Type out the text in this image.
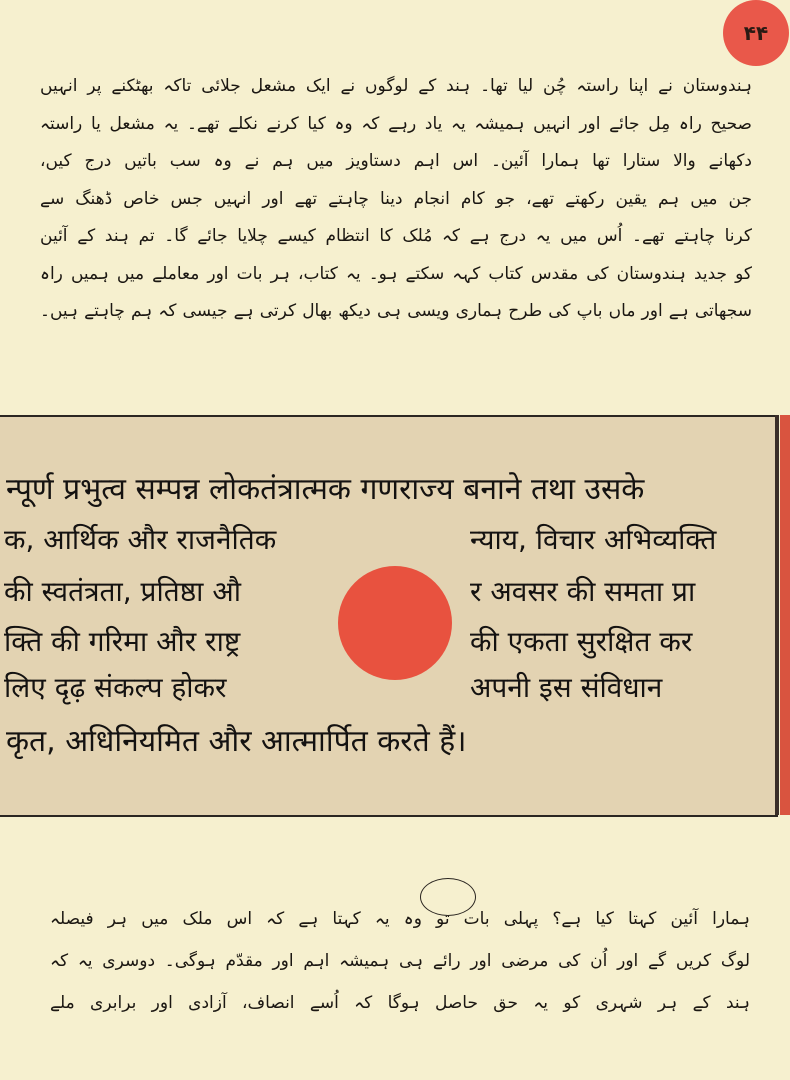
۴۴
ہندوستان نے اپنا راستہ چُن لیا تھا۔ ہند کے لوگوں نے ایک مشعل جلائی تاکہ بھٹکنے پر انہیں
صحیح راہ مِل جائے اور انہیں ہمیشہ یہ یاد رہے کہ وہ کیا کرنے نکلے تھے۔ یہ مشعل یا راستہ
دکھانے والا ستارا تھا ہمارا آئین۔ اس اہم دستاویز میں ہم نے وہ سب باتیں درج کیں،
جن میں ہم یقین رکھتے تھے، جو کام انجام دینا چاہتے تھے اور انہیں جس خاص ڈھنگ سے
کرنا چاہتے تھے۔ اُس میں یہ درج ہے کہ مُلک کا انتظام کیسے چلایا جائے گا۔ تم ہند کے آئین
کو جدید ہندوستان کی مقدس کتاب کہہ سکتے ہو۔ یہ کتاب، ہر بات اور معاملے میں ہمیں راہ
سجھاتی ہے اور ماں باپ کی طرح ہماری ویسی ہی دیکھ بھال کرتی ہے جیسی کہ ہم چاہتے ہیں۔
न्पूर्ण प्रभुत्व सम्पन्न लोकतंत्रात्मक गणराज्य बनाने तथा उसके
क, आर्थिक और राजनैतिक
की स्वतंत्रता, प्रतिष्ठा औ
क्ति की गरिमा और राष्ट्र
लिए दृढ़ संकल्प होकर
न्याय, विचार अभिव्यक्ति
र अवसर की समता प्रा
की एकता सुरक्षित कर
अपनी इस संविधान
कृत, अधिनियमित और आत्मार्पित करते हैं।
ہمارا آئین کہتا کیا ہے؟ پہلی بات تو وہ یہ کہتا ہے کہ اس ملک میں ہر فیصلہ
لوگ کریں گے اور اُن کی مرضی اور رائے ہی ہمیشہ اہم اور مقدّم ہوگی۔ دوسری یہ کہ
ہند کے ہر شہری کو یہ حق حاصل ہوگا کہ اُسے انصاف، آزادی اور برابری ملے
